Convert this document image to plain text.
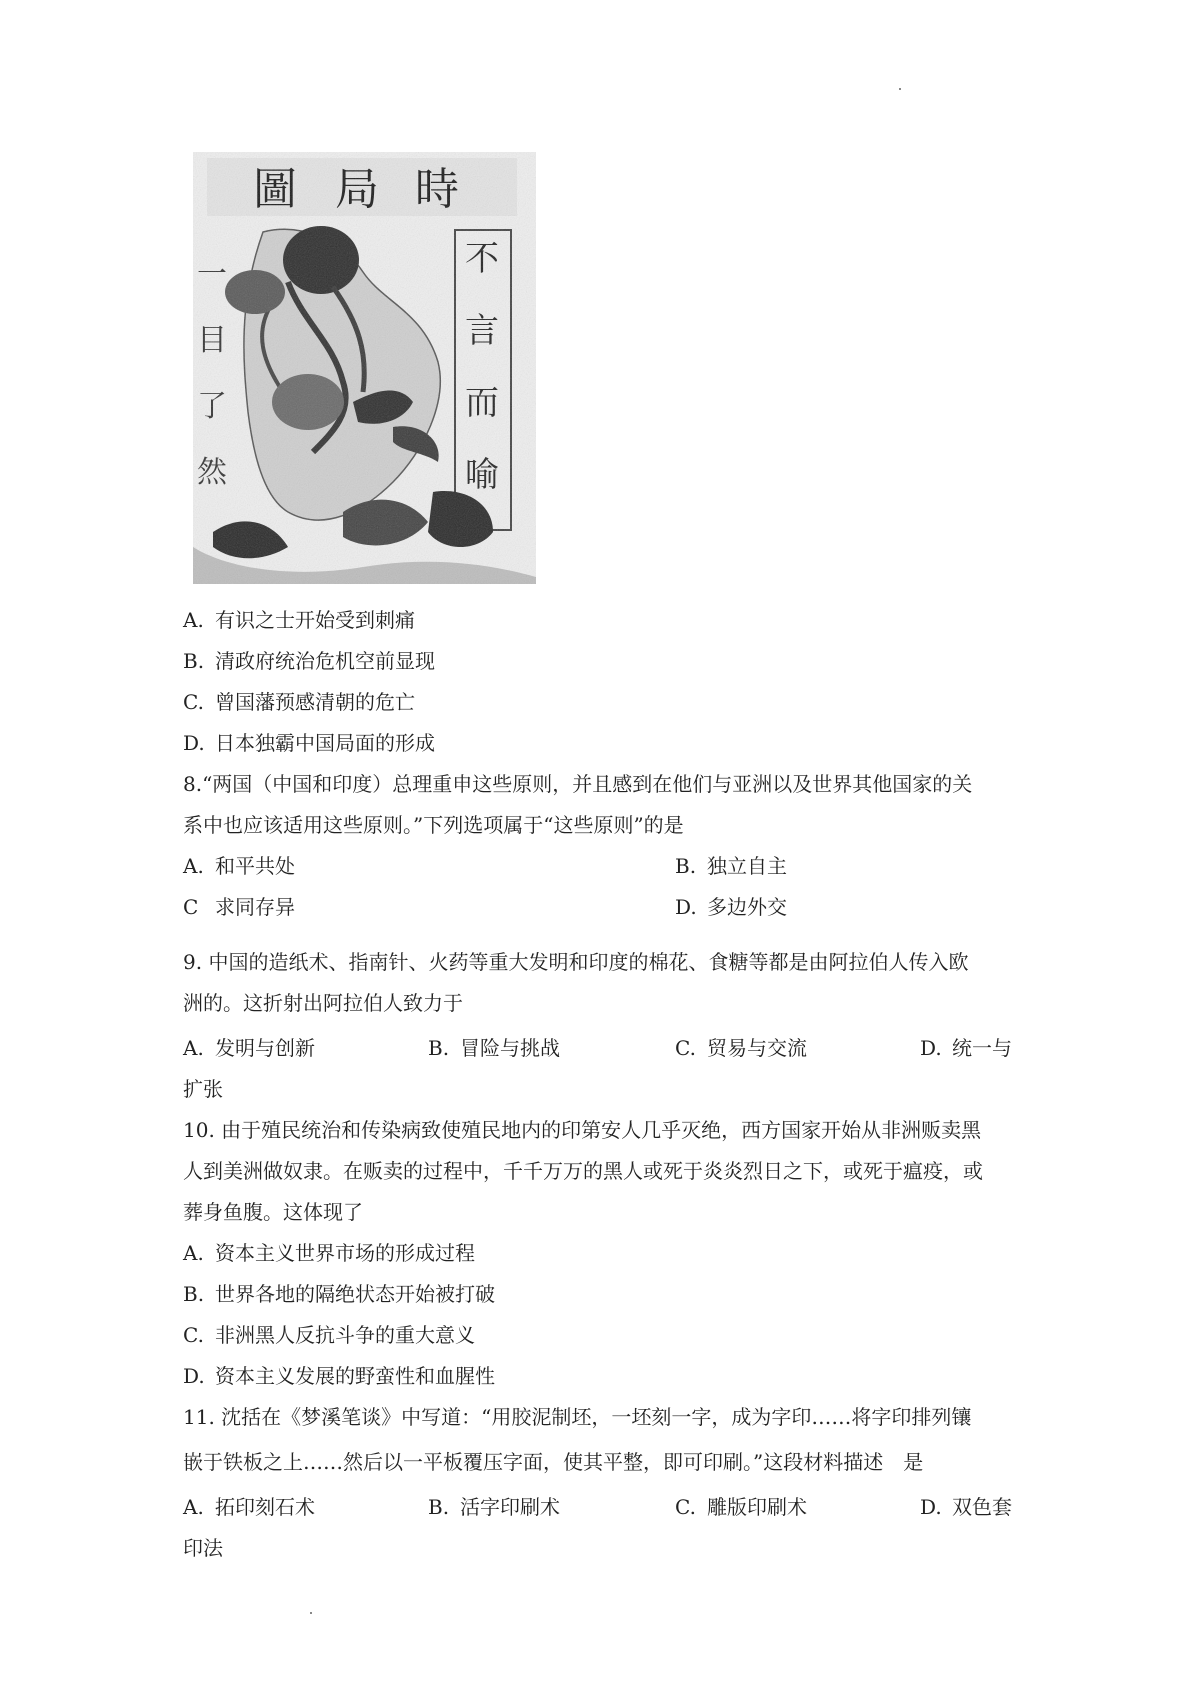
A. 有识之士开始受到刺痛
B. 清政府统治危机空前显现
C. 曾国藩预感清朝的危亡
D. 日本独霸中国局面的形成
8.“两国（中国和印度）总理重申这些原则，并且感到在他们与亚洲以及世界其他国家的关
系中也应该适用这些原则。”下列选项属于“这些原则”的是
A. 和平共处	B. 独立自主
C 求同存异	D. 多边外交
9. 中国的造纸术、指南针、火药等重大发明和印度的棉花、食糖等都是由阿拉伯人传入欧
洲的。这折射出阿拉伯人致力于
A. 发明与创新	B. 冒险与挑战	C. 贸易与交流	D. 统一与
扩张
10. 由于殖民统治和传染病致使殖民地内的印第安人几乎灭绝，西方国家开始从非洲贩卖黑
人到美洲做奴隶。在贩卖的过程中，千千万万的黑人或死于炎炎烈日之下，或死于瘟疫，或
葬身鱼腹。这体现了
A. 资本主义世界市场的形成过程
B. 世界各地的隔绝状态开始被打破
C. 非洲黑人反抗斗争的重大意义
D. 资本主义发展的野蛮性和血腥性
11. 沈括在《梦溪笔谈》中写道：“用胶泥制坯，一坯刻一字，成为字印……将字印排列镶
嵌于铁板之上……然后以一平板覆压字面，使其平整，即可印刷。”这段材料描述　是
A. 拓印刻石术	B. 活字印刷术	C. 雕版印刷术	D. 双色套
印法
